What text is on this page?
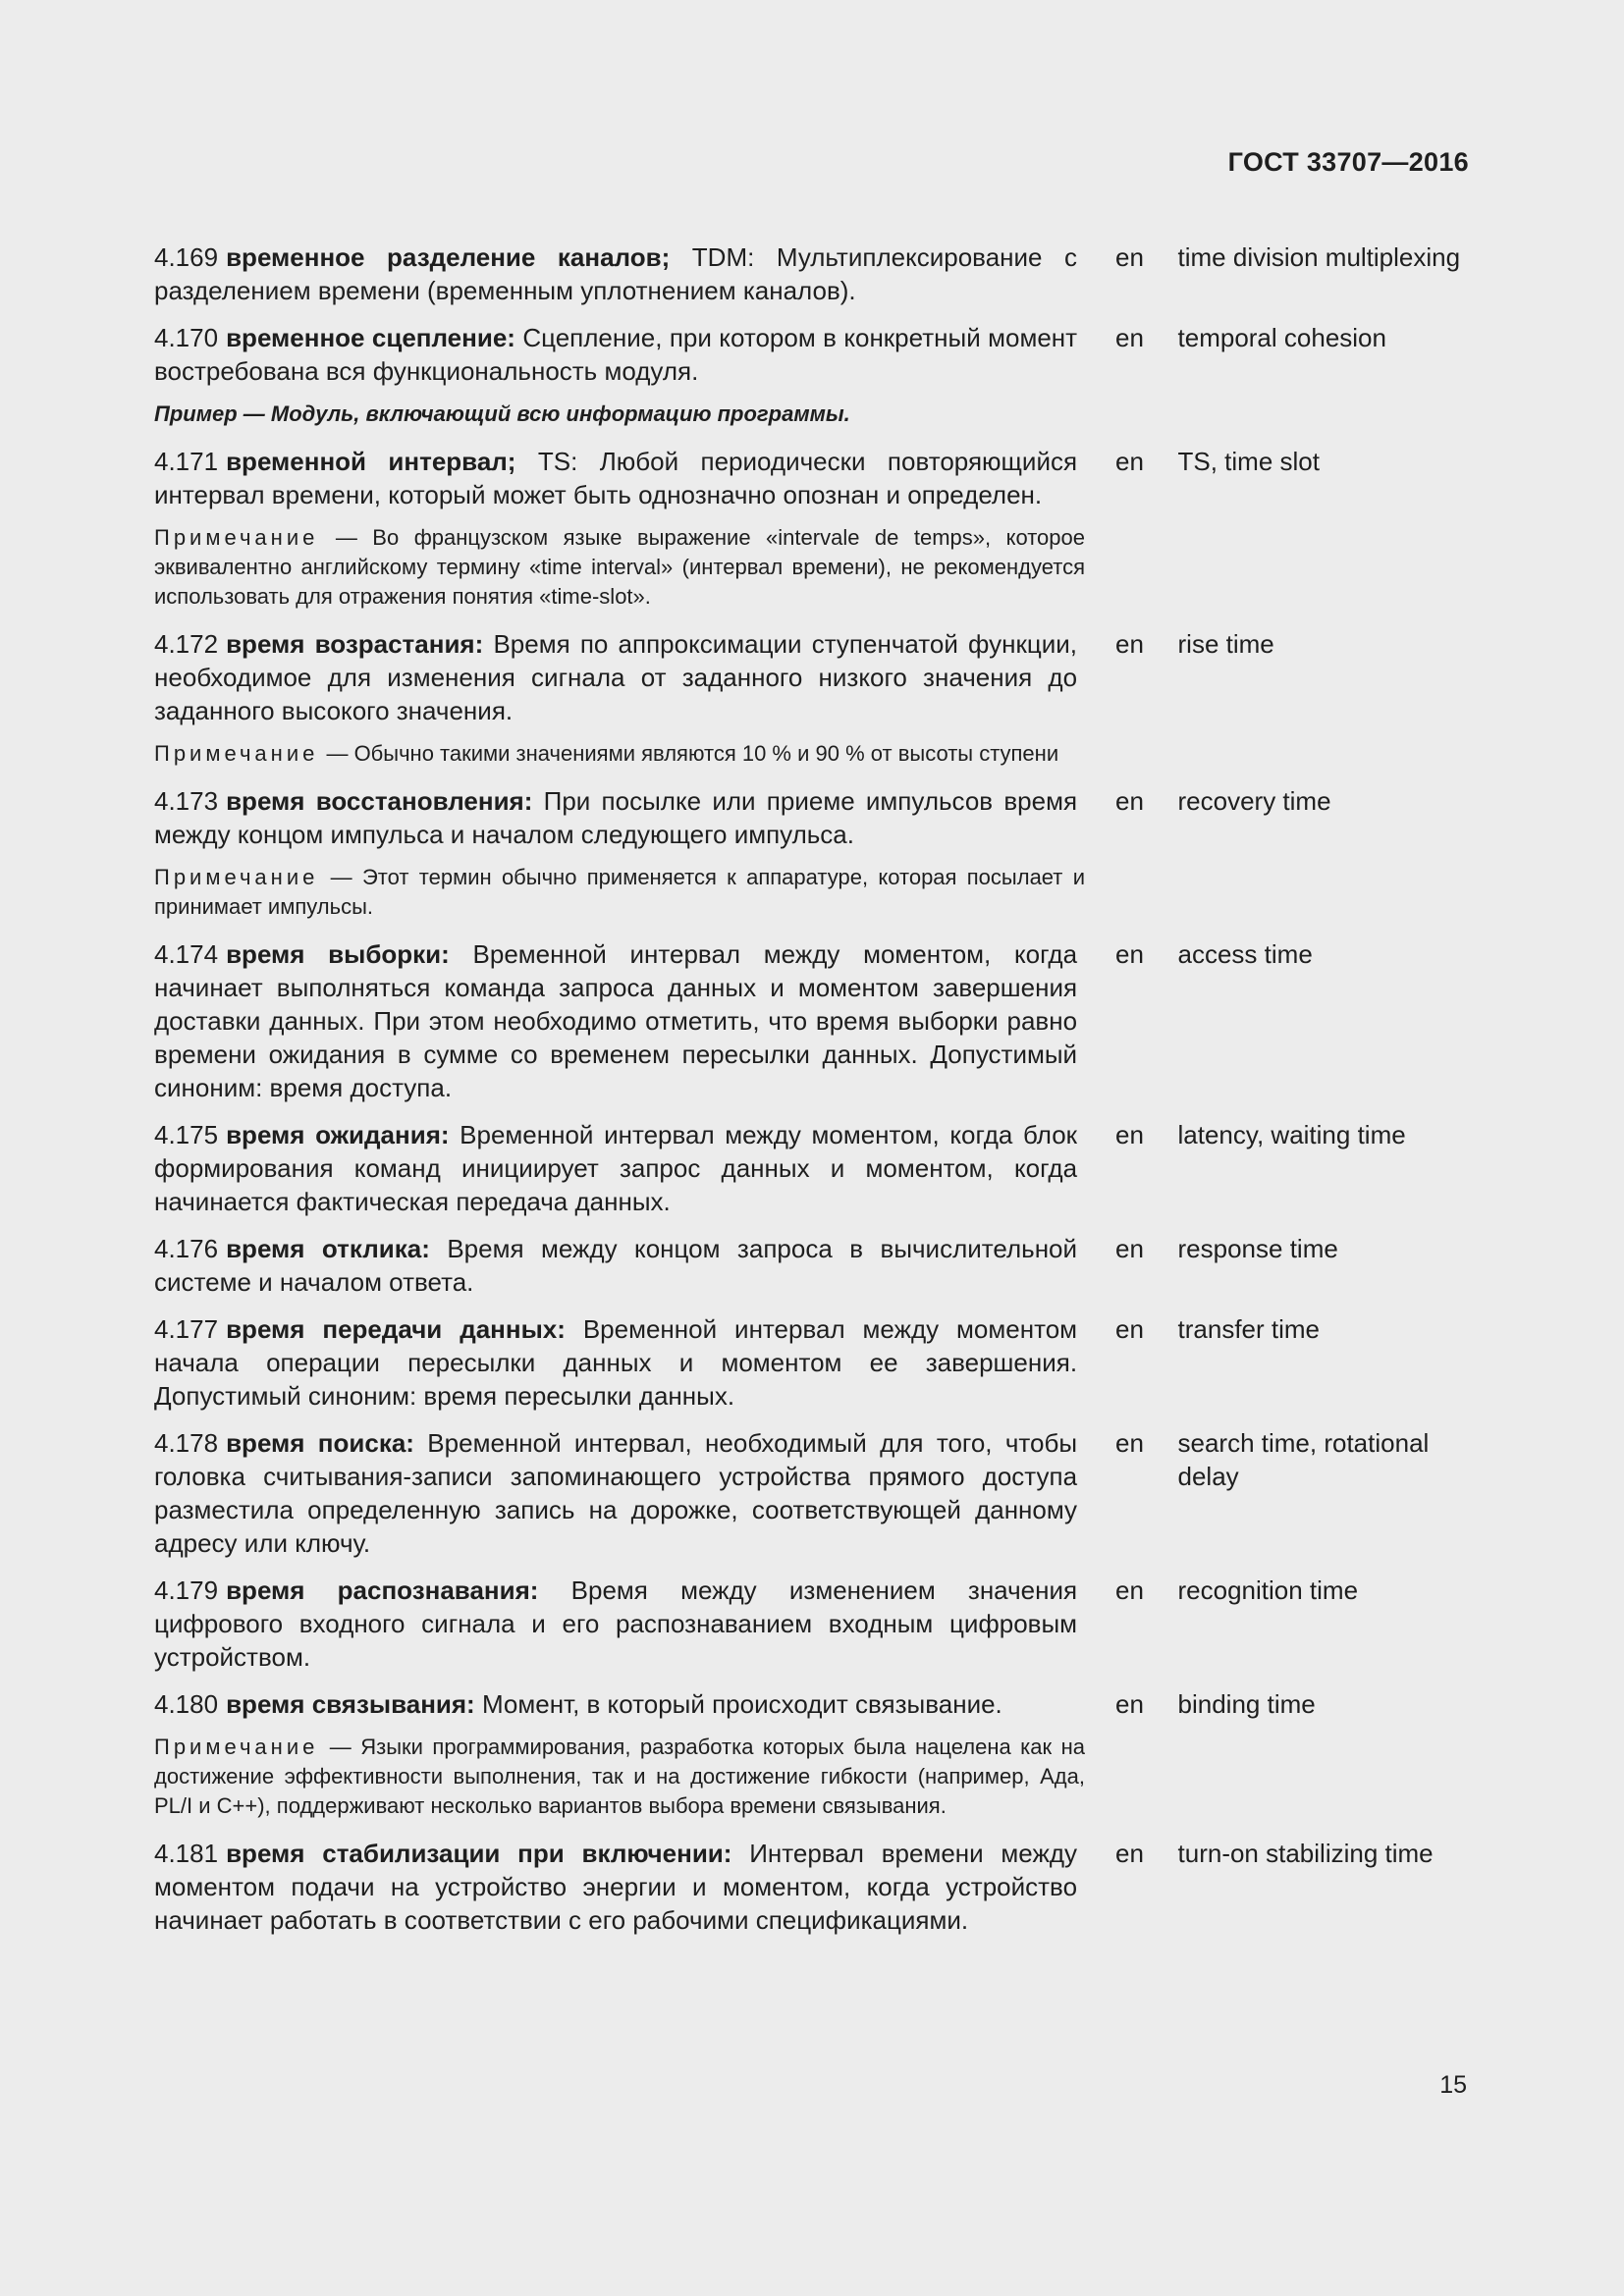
ГОСТ 33707—2016
4.169 временное разделение каналов; TDM: Мультиплексирование с разделением времени (временным уплотнением каналов).
en	time division multiplexing
4.170 временное сцепление: Сцепление, при котором в конкретный момент востребована вся функциональность модуля.
en	temporal cohesion
Пример — Модуль, включающий всю информацию программы.
4.171 временной интервал; TS: Любой периодически повторяющийся интервал времени, который может быть однозначно опознан и определен.
en	TS, time slot
Примечание — Во французском языке выражение «intervale de temps», которое эквивалентно английскому термину «time interval» (интервал времени), не рекомендуется использовать для отражения понятия «time-slot».
4.172 время возрастания: Время по аппроксимации ступенчатой функции, необходимое для изменения сигнала от заданного низкого значения до заданного высокого значения.
en	rise time
Примечание — Обычно такими значениями являются 10 % и 90 % от высоты ступени
4.173 время восстановления: При посылке или приеме импульсов время между концом импульса и началом следующего импульса.
en	recovery time
Примечание — Этот термин обычно применяется к аппаратуре, которая посылает и принимает импульсы.
4.174 время выборки: Временной интервал между моментом, когда начинает выполняться команда запроса данных и моментом завершения доставки данных. При этом необходимо отметить, что время выборки равно времени ожидания в сумме со временем пересылки данных. Допустимый синоним: время доступа.
en	access time
4.175 время ожидания: Временной интервал между моментом, когда блок формирования команд инициирует запрос данных и моментом, когда начинается фактическая передача данных.
en	latency, waiting time
4.176 время отклика: Время между концом запроса в вычислительной системе и началом ответа.
en	response time
4.177 время передачи данных: Временной интервал между моментом начала операции пересылки данных и моментом ее завершения. Допустимый синоним: время пересылки данных.
en	transfer time
4.178 время поиска: Временной интервал, необходимый для того, чтобы головка считывания-записи запоминающего устройства прямого доступа разместила определенную запись на дорожке, соответствующей данному адресу или ключу.
en	search time, rotational delay
4.179 время распознавания: Время между изменением значения цифрового входного сигнала и его распознаванием входным цифровым устройством.
en	recognition time
4.180 время связывания: Момент, в который происходит связывание.	en	binding time
Примечание — Языки программирования, разработка которых была нацелена как на достижение эффективности выполнения, так и на достижение гибкости (например, Ада, PL/I и C++), поддерживают несколько вариантов выбора времени связывания.
4.181 время стабилизации при включении: Интервал времени между моментом подачи на устройство энергии и моментом, когда устройство начинает работать в соответствии с его рабочими спецификациями.
en	turn-on stabilizing time
15
